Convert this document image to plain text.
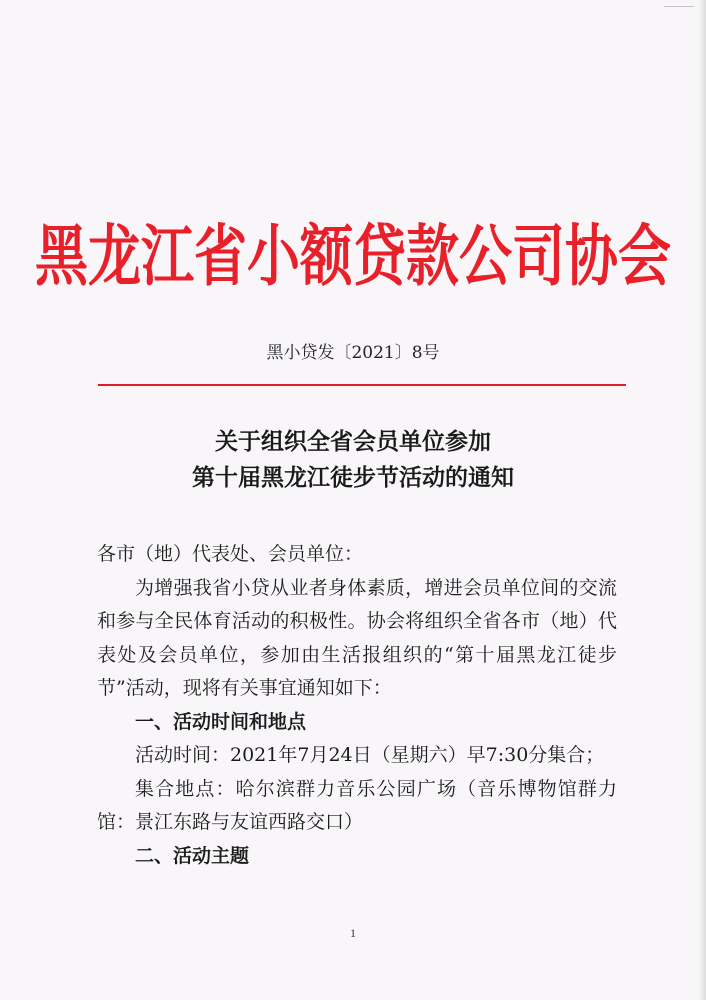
黑龙江省小额贷款公司协会
黑小贷发〔2021〕8号
关于组织全省会员单位参加
第十届黑龙江徒步节活动的通知

各市（地）代表处、会员单位：

为增强我省小贷从业者身体素质，增进会员单位间的交流和参与全民体育活动的积极性。协会将组织全省各市（地）代表处及会员单位，参加由生活报组织的“第十届黑龙江徒步节”活动，现将有关事宜通知如下：

一、活动时间和地点

活动时间：2021年7月24日（星期六）早7:30分集合；

集合地点：哈尔滨群力音乐公园广场（音乐博物馆群力馆：景江东路与友谊西路交口）

二、活动主题

1
